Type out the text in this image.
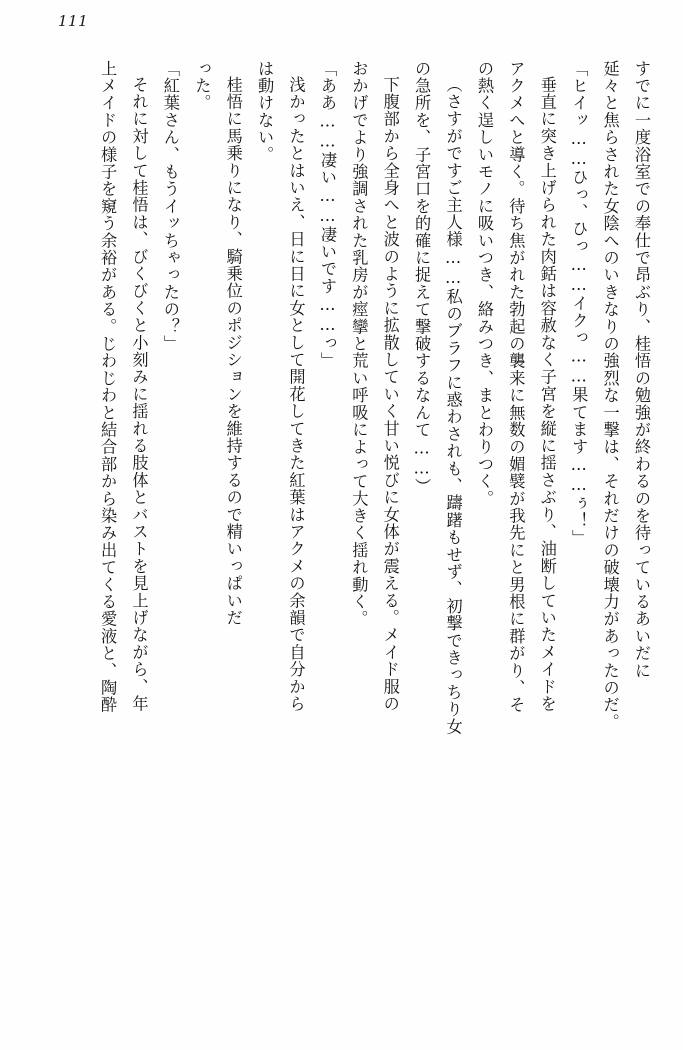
111

すでに一度浴室での奉仕で昂ぶり、桂悟の勉強が終わるのを待っているあいだに

延々と焦らされた女陰へのいきなりの強烈な一撃は、それだけの破壊力があったのだ。

「ヒイッ……ひっ、ひっ……イクっ……果てます……ぅ！」

垂直に突き上げられた肉銛は容赦なく子宮を縦に揺さぶり、油断していたメイドを

アクメへと導く。待ち焦がれた勃起の襲来に無数の媚襞が我先にと男根に群がり、そ

の熱く逞しいモノに吸いつき、絡みつき、まとわりつく。

（さすがですご主人様……私のブラフに惑わされも、躊躇もせず、初撃できっちり女

の急所を、子宮口を的確に捉えて撃破するなんて……）

下腹部から全身へと波のように拡散していく甘い悦びに女体が震える。メイド服の

おかげでより強調された乳房が痙攣と荒い呼吸によって大きく揺れ動く。

「ああ……凄い……凄いです……っ」

浅かったとはいえ、日に日に女として開花してきた紅葉はアクメの余韻で自分から

は動けない。

桂悟に馬乗りになり、騎乗位のポジションを維持するので精いっぱいだ

った。

「紅葉さん、もうイッちゃったの？」

それに対して桂悟は、びくびくと小刻みに揺れる肢体とバストを見上げながら、年

上メイドの様子を窺う余裕がある。じわじわと結合部から染み出てくる愛液と、陶酔
